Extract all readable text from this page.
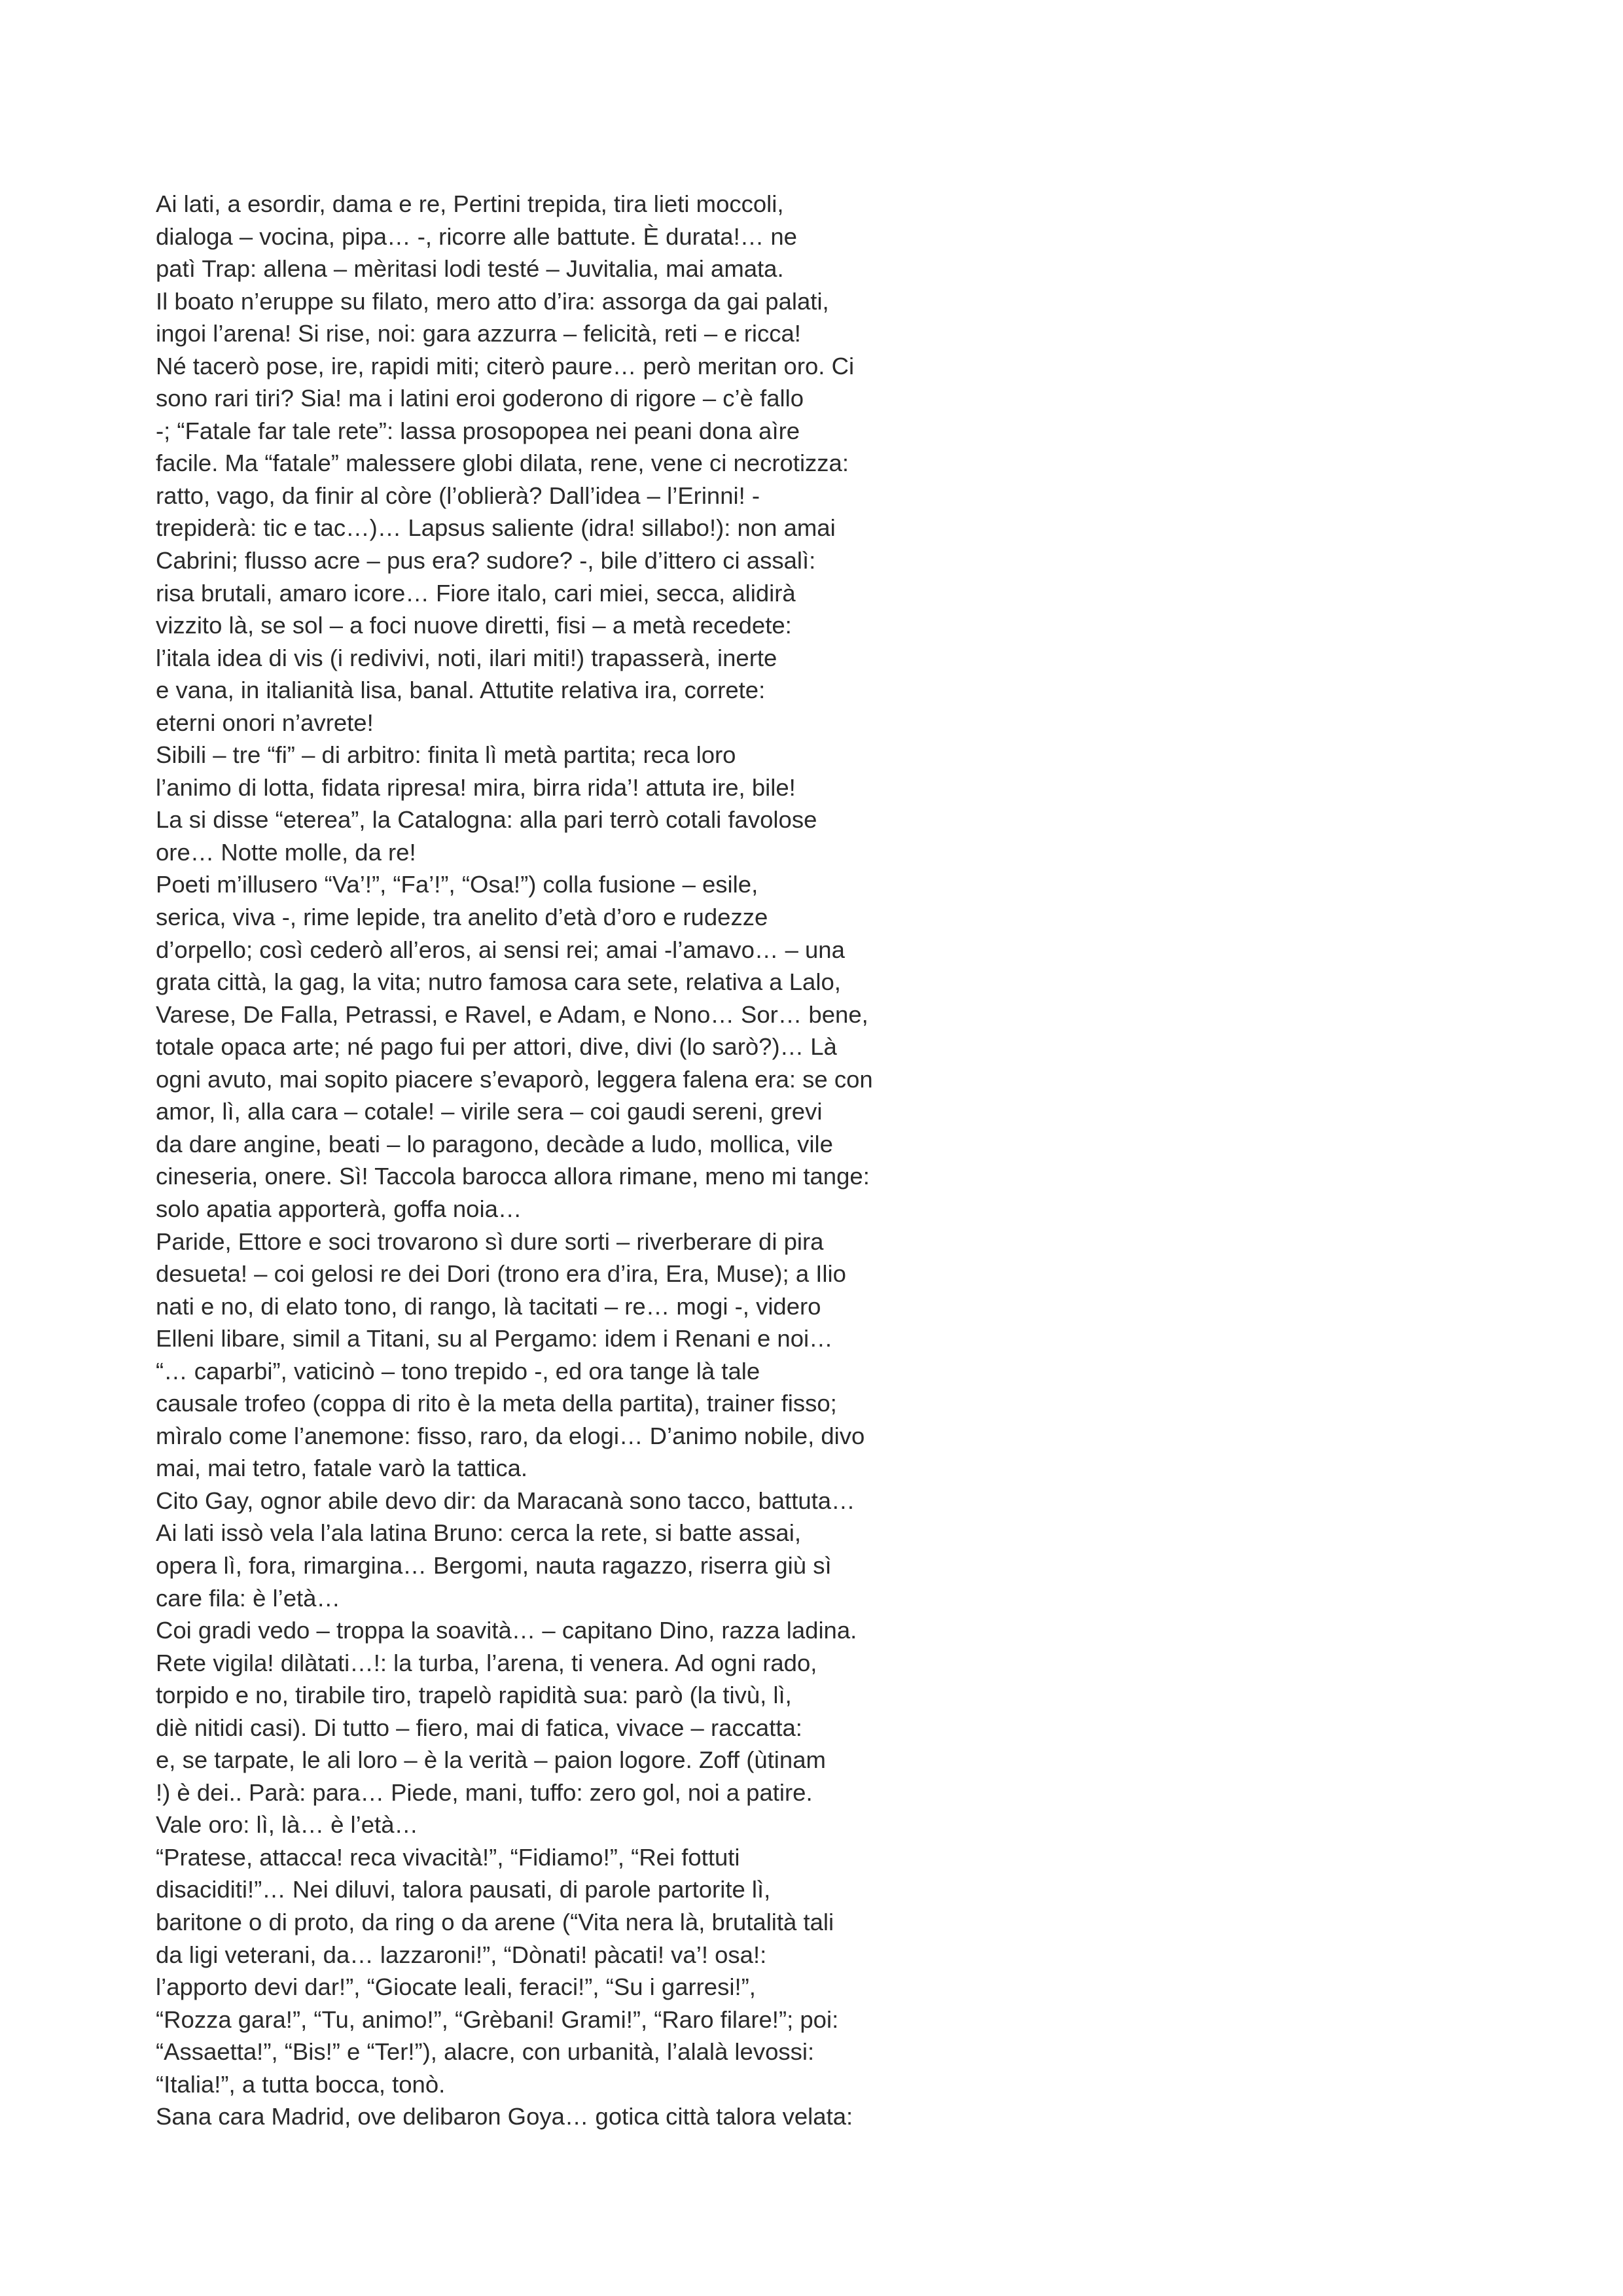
Ai lati, a esordir, dama e re, Pertini trepida, tira lieti moccoli,
dialoga – vocina, pipa… -, ricorre alle battute. È durata!… ne
patì Trap: allena – mèritasi lodi testé – Juvitalia, mai amata.
Il boato n’eruppe su filato, mero atto d’ira: assorga da gai palati,
ingoi l’arena! Si rise, noi: gara azzurra – felicità, reti – e ricca!
Né tacerò pose, ire, rapidi miti; citerò paure… però meritan oro. Ci
sono rari tiri? Sia! ma i latini eroi goderono di rigore – c’è fallo
-; “Fatale far tale rete”: lassa prosopopea nei peani dona aìre
facile. Ma “fatale” malessere globi dilata, rene, vene ci necrotizza:
ratto, vago, da finir al còre (l’oblierà? Dall’idea – l’Erinni! -
trepiderà: tic e tac…)… Lapsus saliente (idra! sillabo!): non amai
Cabrini; flusso acre – pus era? sudore? -, bile d’ittero ci assalì:
risa brutali, amaro icore… Fiore italo, cari miei, secca, alidirà
vizzito là, se sol – a foci nuove diretti, fisi – a metà recedete:
l’itala idea di vis (i redivivi, noti, ilari miti!) trapasserà, inerte
e vana, in italianità lisa, banal. Attutite relativa ira, correte:
eterni onori n’avrete!
Sibili – tre “fi” – di arbitro: finita lì metà partita; reca loro
l’animo di lotta, fidata ripresa! mira, birra rida’! attuta ire, bile!
La si disse “eterea”, la Catalogna: alla pari terrò cotali favolose
ore… Notte molle, da re!
Poeti m’illusero “Va’!”, “Fa’!”, “Osa!”) colla fusione – esile,
serica, viva -, rime lepide, tra anelito d’età d’oro e rudezze
d’orpello; così cederò all’eros, ai sensi rei; amai -l’amavo… – una
grata città, la gag, la vita; nutro famosa cara sete, relativa a Lalo,
Varese, De Falla, Petrassi, e Ravel, e Adam, e Nono… Sor… bene,
totale opaca arte; né pago fui per attori, dive, divi (lo sarò?)… Là
ogni avuto, mai sopito piacere s’evaporò, leggera falena era: se con
amor, lì, alla cara – cotale! – virile sera – coi gaudi sereni, grevi
da dare angine, beati – lo paragono, decàde a ludo, mollica, vile
cineseria, onere. Sì! Taccola barocca allora rimane, meno mi tange:
solo apatia apporterà, goffa noia…
Paride, Ettore e soci trovarono sì dure sorti – riverberare di pira
desueta! – coi gelosi re dei Dori (trono era d’ira, Era, Muse); a Ilio
nati e no, di elato tono, di rango, là tacitati – re… mogi -, videro
Elleni libare, simil a Titani, su al Pergamo: idem i Renani e noi…
“… caparbi”, vaticinò – tono trepido -, ed ora tange là tale
causale trofeo (coppa di rito è la meta della partita), trainer fisso;
mìralo come l’anemone: fisso, raro, da elogi… D’animo nobile, divo
mai, mai tetro, fatale varò la tattica.
Cito Gay, ognor abile devo dir: da Maracanà sono tacco, battuta…
Ai lati issò vela l’ala latina Bruno: cerca la rete, si batte assai,
opera lì, fora, rimargina… Bergomi, nauta ragazzo, riserra giù sì
care fila: è l’età…
Coi gradi vedo – troppa la soavità… – capitano Dino, razza ladina.
Rete vigila! dilàtati…!: la turba, l’arena, ti venera. Ad ogni rado,
torpido e no, tirabile tiro, trapelò rapidità sua: parò (la tivù, lì,
diè nitidi casi). Di tutto – fiero, mai di fatica, vivace – raccatta:
e, se tarpate, le ali loro – è la verità – paion logore. Zoff (ùtinam
!) è dei.. Parà: para… Piede, mani, tuffo: zero gol, noi a patire.
Vale oro: lì, là… è l’età…
“Pratese, attacca! reca vivacità!”, “Fidiamo!”, “Rei fottuti
disaciditi!”… Nei diluvi, talora pausati, di parole partorite lì,
baritone o di proto, da ring o da arene (“Vita nera là, brutalità tali
da ligi veterani, da… lazzaroni!”, “Dònati! pàcati! va’! osa!:
l’apporto devi dar!”, “Giocate leali, feraci!”, “Su i garresi!”,
“Rozza gara!”, “Tu, animo!”, “Grèbani! Grami!”, “Raro filare!”; poi:
“Assaetta!”, “Bis!” e “Ter!”), alacre, con urbanità, l’alalà levossi:
“Italia!”, a tutta bocca, tonò.
Sana cara Madrid, ove delibaron Goya… gotica città talora velata:
